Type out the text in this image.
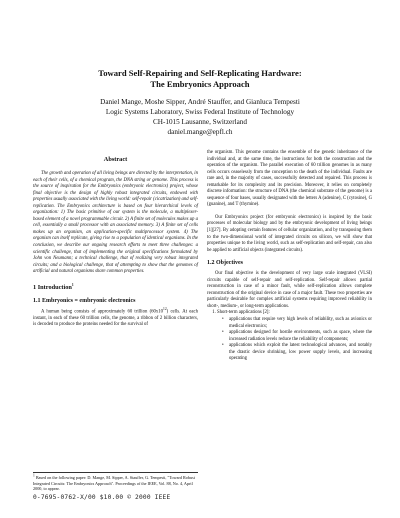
Toward Self-Repairing and Self-Replicating Hardware:
The Embryonics Approach
Daniel Mange, Moshe Sipper, André Stauffer, and Gianluca Tempesti
Logic Systems Laboratory, Swiss Federal Institute of Technology
CH-1015 Lausanne, Switzerland
daniel.mange@epfl.ch
Abstract

The growth and operation of all living beings are directed by the interpretation, in each of their cells, of a chemical program, the DNA string or genome. This process is the source of inspiration for the Embryonics (embryonic electronics) project, whose final objective is the design of highly robust integrated circuits, endowed with properties usually associated with the living world: self-repair (cicatrization) and self-replication. The Embryonics architecture is based on four hierarchical levels of organization: 1) The basic primitive of our system is the molecule, a multiplexer-based element of a novel programmable circuit. 2) A finite set of molecules makes up a cell, essentially a small processor with an associated memory. 3) A finite set of cells makes up an organism, an application-specific multiprocessor system. 4) The organism can itself replicate, giving rise to a population of identical organisms. In the conclusion, we describe our ongoing research efforts to meet three challenges: a scientific challenge, that of implementing the original specifications formulated by John von Neumann; a technical challenge, that of realizing very robust integrated circuits; and a biological challenge, that of attempting to show that the genomes of artificial and natural organisms share common properties.

1 Introduction$^1$
1.1 Embryonics = embryonic electronics

A human being consists of approximately 60 trillion $(60x10^{12})$ cells. At each instant, in each of these 60 trillion cells, the genome, a ribbon of 2 billion characters, is decoded to produce the proteins needed for the survival of

$^1$ Based on the following paper: D. Mange, M. Sipper, A. Stauffer, G. Tempesti, "Toward Robust Integrated Circuits: The Embryonics Approach". Proceedings of the IEEE, Vol. 88, No. 4, April 2000, to appear.

the organism. This genome contains the ensemble of the genetic inheritance of the individual and, at the same time, the instructions for both the construction and the operation of the organism. The parallel execution of 60 trillion genomes in as many cells occurs ceaselessly from the conception to the death of the individual. Faults are rare and, in the majority of cases, successfully detected and repaired. This process is remarkable for its complexity and its precision. Moreover, it relies on completely discrete information: the structure of DNA (the chemical substrate of the genome) is a sequence of four bases, usually designated with the letters A (adenine), C (cytosine), G (guanine), and T (thymine).

Our Embryonics project (for embryonic electronics) is inspired by the basic processes of molecular biology and by the embryonic development of living beings [1][27]. By adopting certain features of cellular organization, and by transposing them to the two-dimensional world of integrated circuits on silicon, we will show that properties unique to the living world, such as self-replication and self-repair, can also be applied to artificial objects (integrated circuits).

1.2 Objectives

Our final objective is the development of very large scale integrated (VLSI) circuits capable of self-repair and self-replication. Self-repair allows partial reconstruction in case of a minor fault, while self-replication allows complete reconstruction of the original device in case of a major fault. These two properties are particularly desirable for complex artificial systems requiring improved reliability in short-, medium-, or long-term applications.

1. Short-term applications [2]:
• applications that require very high levels of reliability, such as avionics or medical electronics;
• applications designed for hostile environments, such as space, where the increased radiation levels reduce the reliability of components;
• applications which exploit the latest technological advances, and notably the drastic device shrinking, low power supply levels, and increasing operating
0-7695-0762-X/00 $10.00 © 2000 IEEE
